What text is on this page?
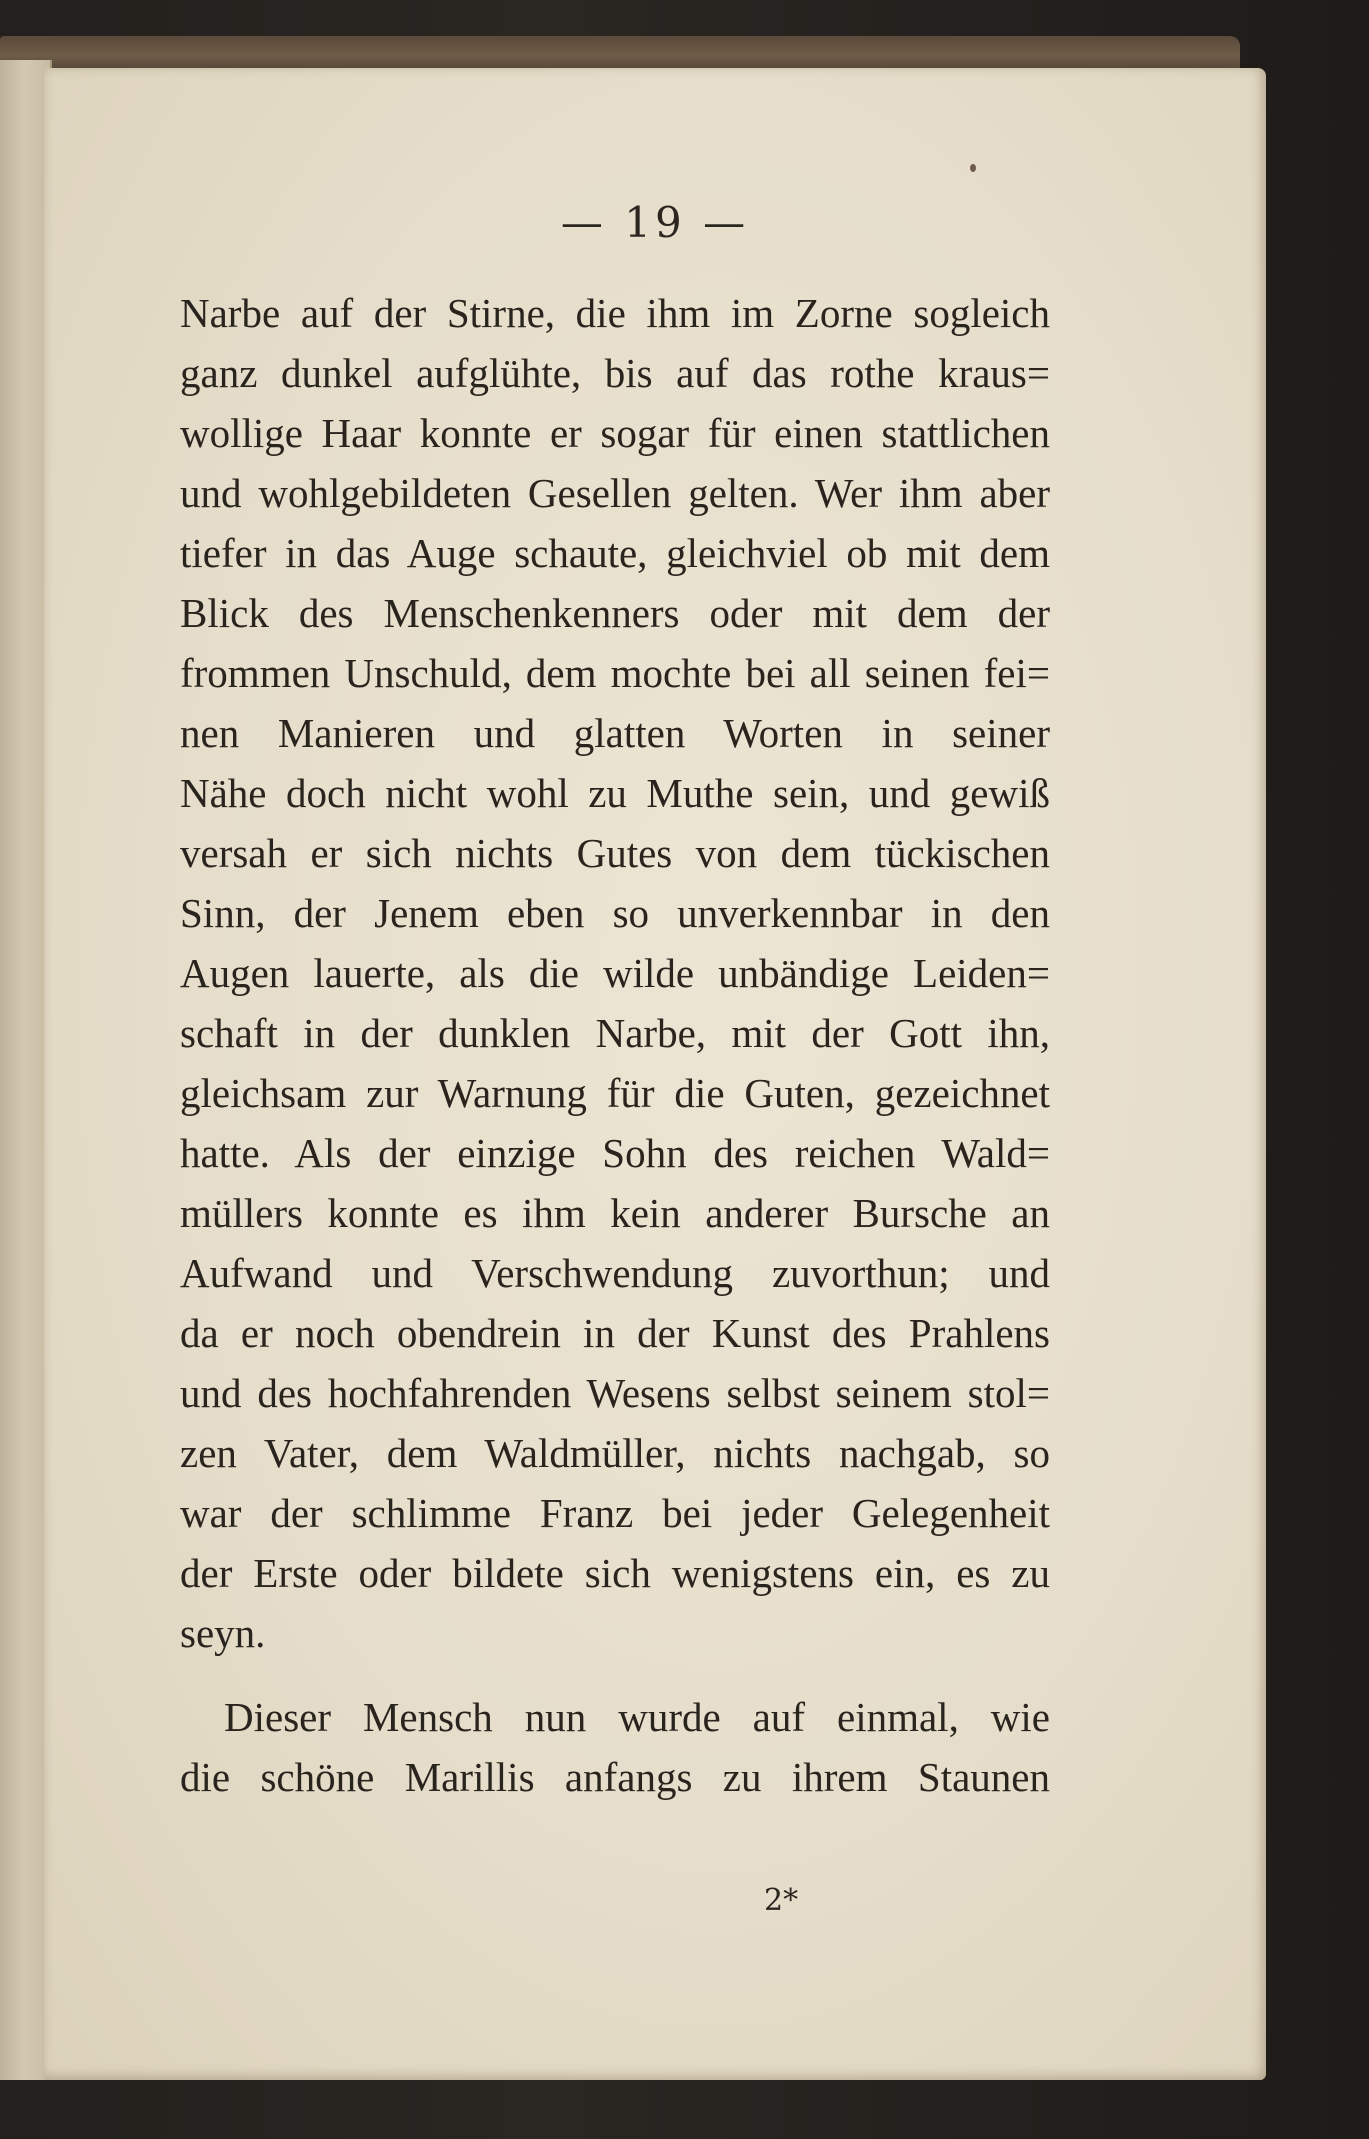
— 19 —
Narbe auf der Stirne, die ihm im Zorne sogleich
ganz dunkel aufglühte, bis auf das rothe kraus=
wollige Haar konnte er sogar für einen stattlichen
und wohlgebildeten Gesellen gelten. Wer ihm aber
tiefer in das Auge schaute, gleichviel ob mit dem
Blick des Menschenkenners oder mit dem der
frommen Unschuld, dem mochte bei all seinen fei=
nen Manieren und glatten Worten in seiner
Nähe doch nicht wohl zu Muthe sein, und gewiß
versah er sich nichts Gutes von dem tückischen
Sinn, der Jenem eben so unverkennbar in den
Augen lauerte, als die wilde unbändige Leiden=
schaft in der dunklen Narbe, mit der Gott ihn,
gleichsam zur Warnung für die Guten, gezeichnet
hatte. Als der einzige Sohn des reichen Wald=
müllers konnte es ihm kein anderer Bursche an
Aufwand und Verschwendung zuvorthun; und
da er noch obendrein in der Kunst des Prahlens
und des hochfahrenden Wesens selbst seinem stol=
zen Vater, dem Waldmüller, nichts nachgab, so
war der schlimme Franz bei jeder Gelegenheit
der Erste oder bildete sich wenigstens ein, es zu
seyn.
Dieser Mensch nun wurde auf einmal, wie
die schöne Marillis anfangs zu ihrem Staunen
2*
